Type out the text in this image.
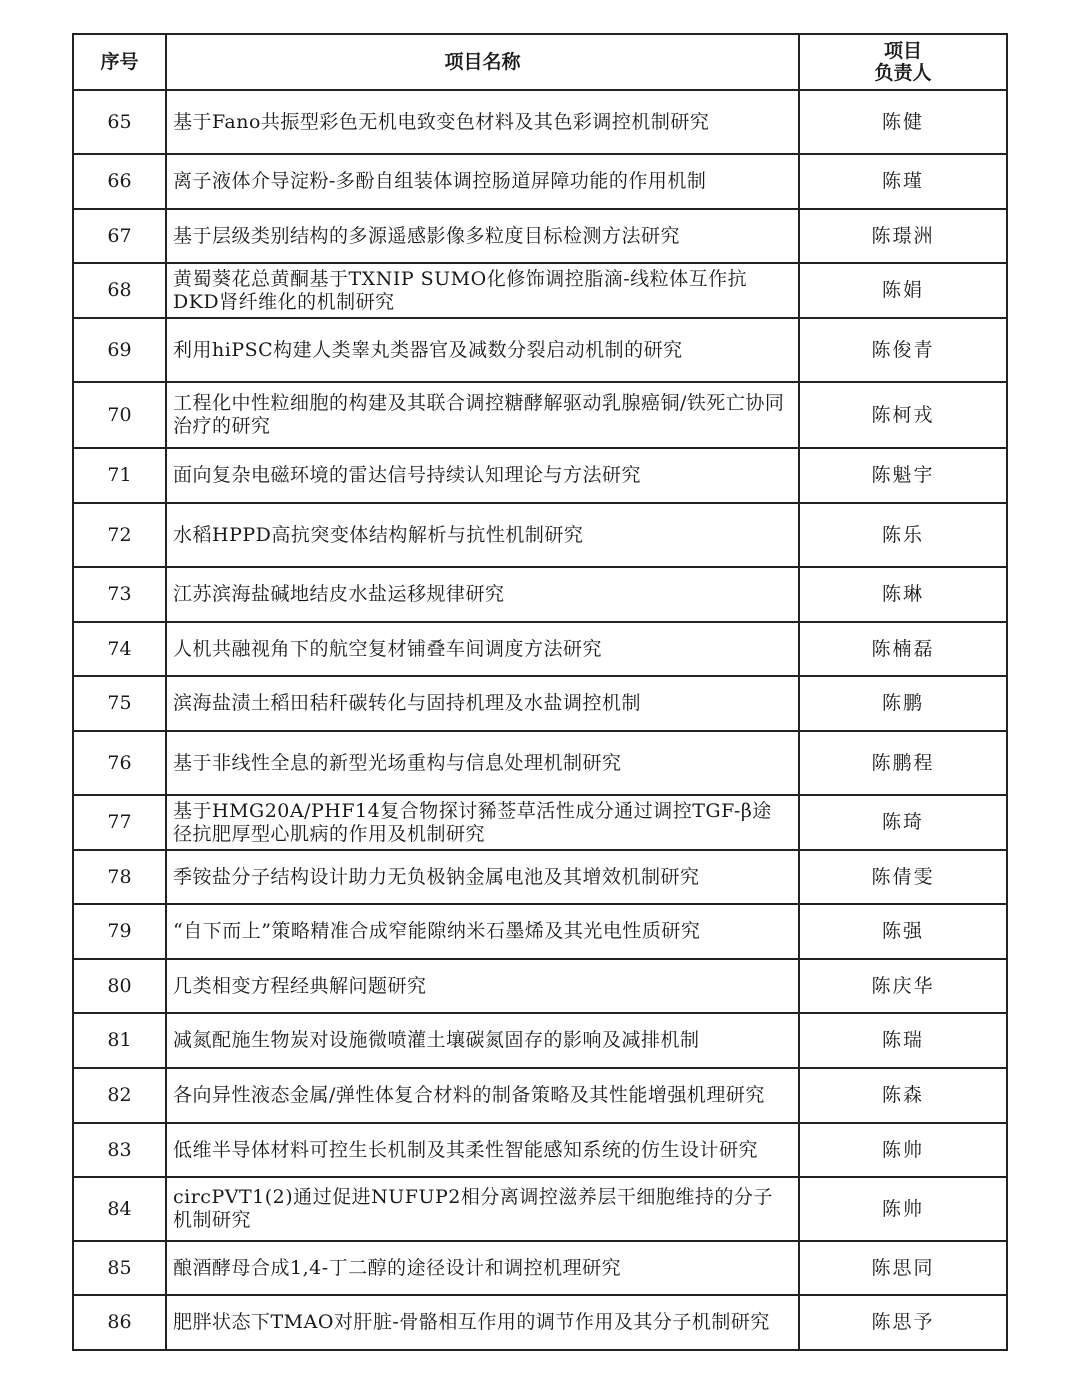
序号	项目名称	项目
负责人

65	基于Fano共振型彩色无机电致变色材料及其色彩调控机制研究	陈健
66	离子液体介导淀粉-多酚自组装体调控肠道屏障功能的作用机制	陈瑾
67	基于层级类别结构的多源遥感影像多粒度目标检测方法研究	陈璟洲
68	黄蜀葵花总黄酮基于TXNIP SUMO化修饰调控脂滴-线粒体互作抗DKD肾纤维化的机制研究	陈娟
69	利用hiPSC构建人类睾丸类器官及减数分裂启动机制的研究	陈俊青
70	工程化中性粒细胞的构建及其联合调控糖酵解驱动乳腺癌铜/铁死亡协同治疗的研究	陈柯戎
71	面向复杂电磁环境的雷达信号持续认知理论与方法研究	陈魁宇
72	水稻HPPD高抗突变体结构解析与抗性机制研究	陈乐
73	江苏滨海盐碱地结皮水盐运移规律研究	陈琳
74	人机共融视角下的航空复材铺叠车间调度方法研究	陈楠磊
75	滨海盐渍土稻田秸秆碳转化与固持机理及水盐调控机制	陈鹏
76	基于非线性全息的新型光场重构与信息处理机制研究	陈鹏程
77	基于HMG20A/PHF14复合物探讨豨莶草活性成分通过调控TGF-β途径抗肥厚型心肌病的作用及机制研究	陈琦
78	季铵盐分子结构设计助力无负极钠金属电池及其增效机制研究	陈倩雯
79	“自下而上”策略精准合成窄能隙纳米石墨烯及其光电性质研究	陈强
80	几类相变方程经典解问题研究	陈庆华
81	减氮配施生物炭对设施微喷灌土壤碳氮固存的影响及减排机制	陈瑞
82	各向异性液态金属/弹性体复合材料的制备策略及其性能增强机理研究	陈森
83	低维半导体材料可控生长机制及其柔性智能感知系统的仿生设计研究	陈帅
84	circPVT1(2)通过促进NUFUP2相分离调控滋养层干细胞维持的分子机制研究	陈帅
85	酿酒酵母合成1,4-丁二醇的途径设计和调控机理研究	陈思同
86	肥胖状态下TMAO对肝脏-骨骼相互作用的调节作用及其分子机制研究	陈思予
